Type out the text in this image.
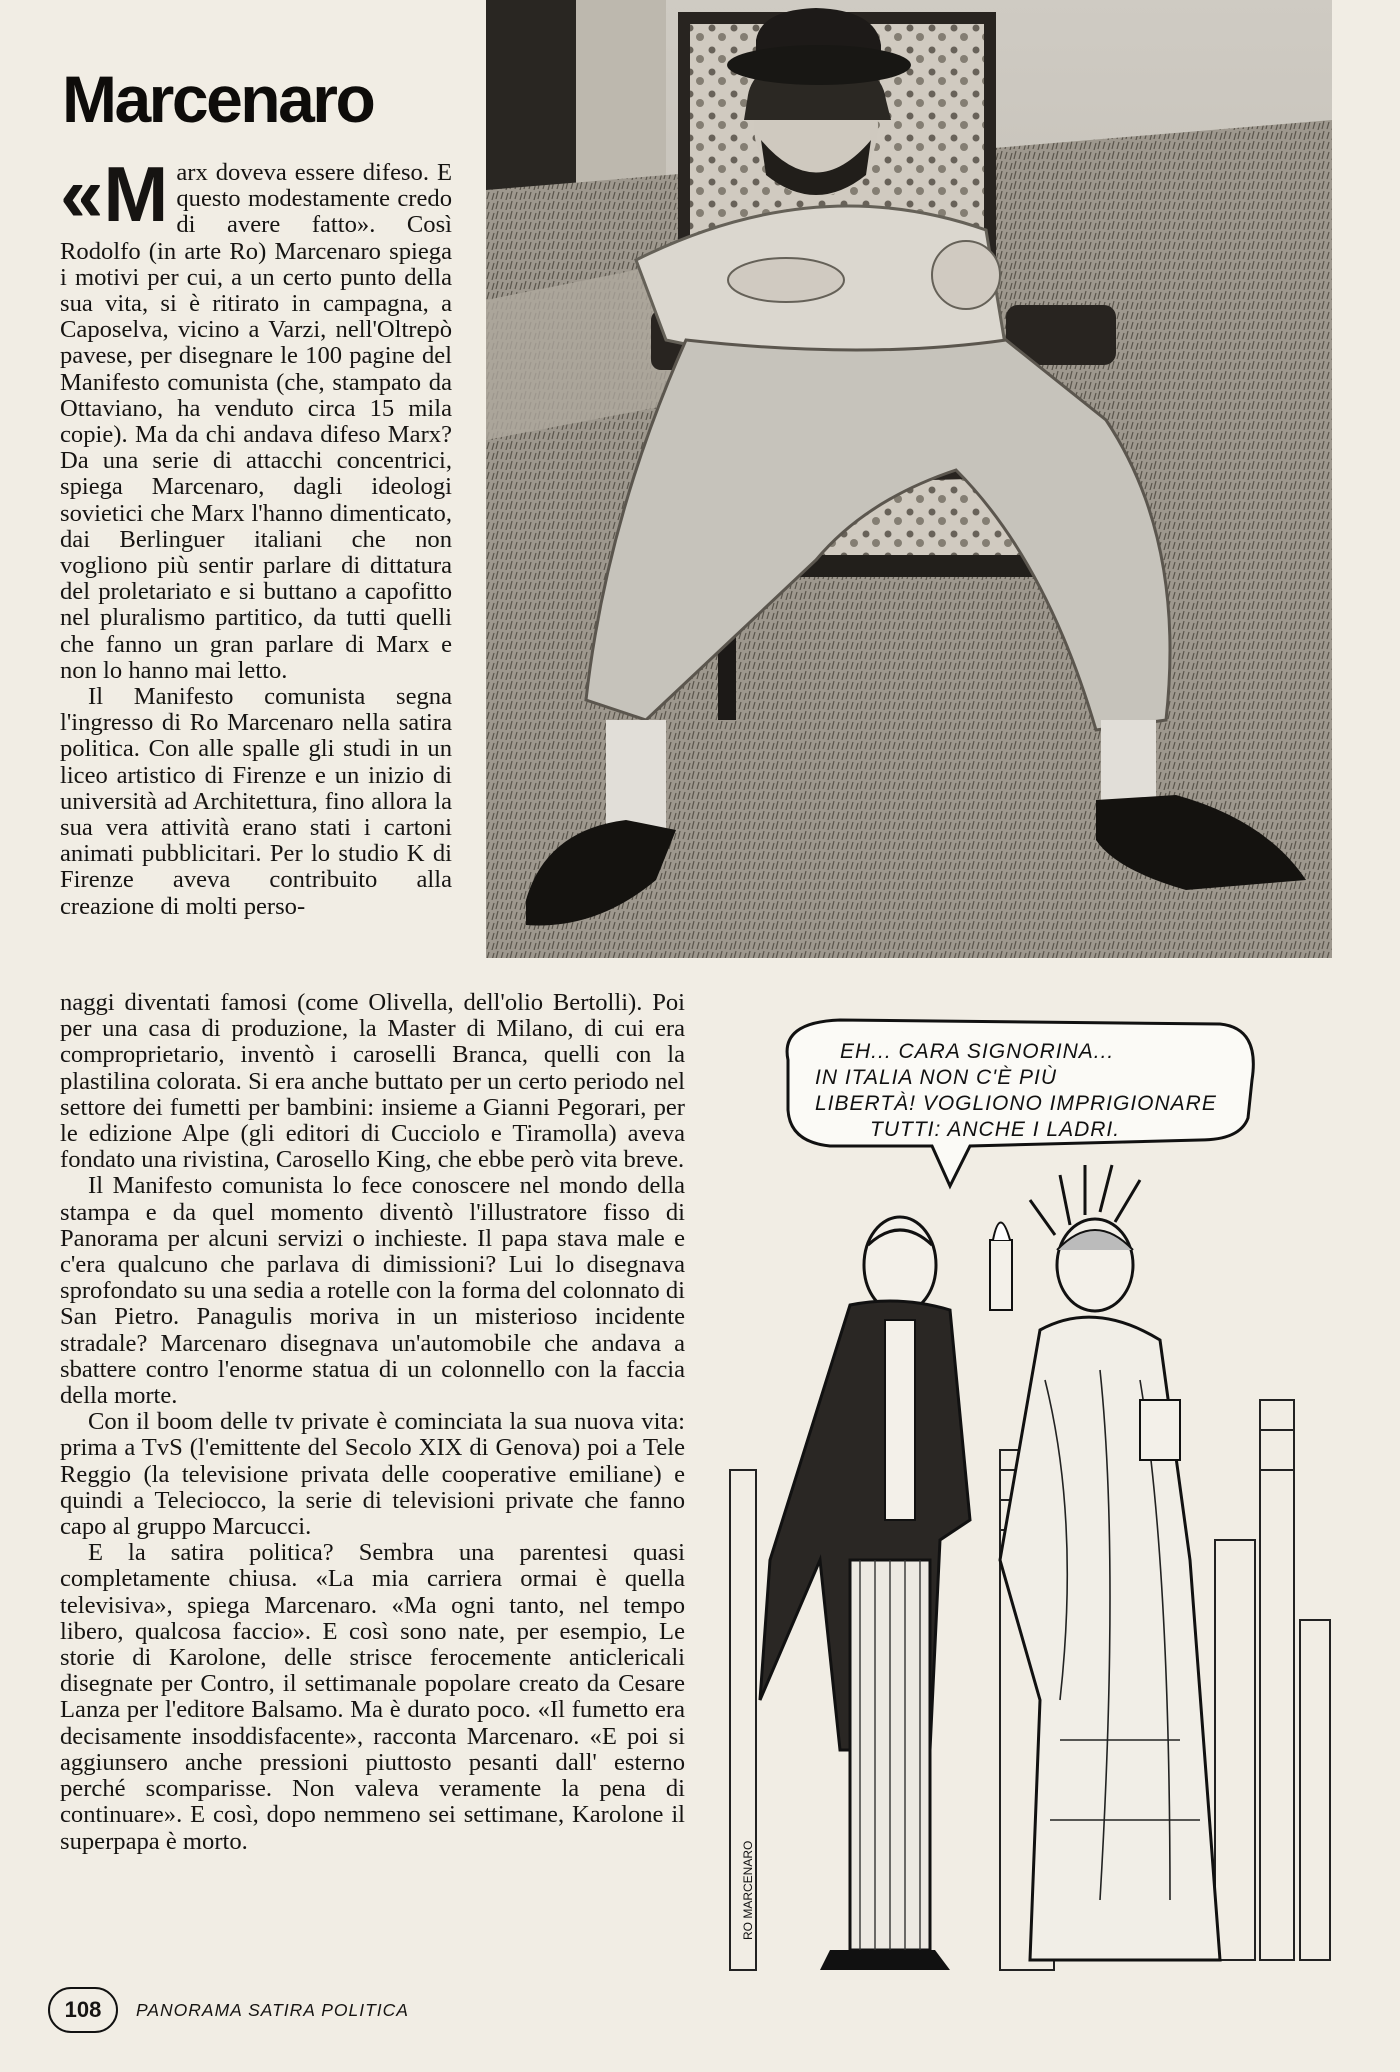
Marcenaro

«Marx doveva essere difeso. E questo modestamente credo di avere fatto». Così Rodolfo (in arte Ro) Marcenaro spiega i motivi per cui, a un certo punto della sua vita, si è ritirato in campagna, a Caposelva, vicino a Varzi, nell'Oltrepò pavese, per disegnare le 100 pagine del Manifesto comunista (che, stampato da Ottaviano, ha venduto circa 15 mila copie). Ma da chi andava difeso Marx? Da una serie di attacchi concentrici, spiega Marcenaro, dagli ideologi sovietici che Marx l'hanno dimenticato, dai Berlinguer italiani che non vogliono più sentir parlare di dittatura del proletariato e si buttano a capofitto nel pluralismo partitico, da tutti quelli che fanno un gran parlare di Marx e non lo hanno mai letto.

Il Manifesto comunista segna l'ingresso di Ro Marcenaro nella satira politica. Con alle spalle gli studi in un liceo artistico di Firenze e un inizio di università ad Architettura, fino allora la sua vera attività erano stati i cartoni animati pubblicitari. Per lo studio K di Firenze aveva contribuito alla creazione di molti perso-

naggi diventati famosi (come Olivella, dell'olio Bertolli). Poi per una casa di produzione, la Master di Milano, di cui era comproprietario, inventò i caroselli Branca, quelli con la plastilina colorata. Si era anche buttato per un certo periodo nel settore dei fumetti per bambini: insieme a Gianni Pegorari, per le edizione Alpe (gli editori di Cucciolo e Tiramolla) aveva fondato una rivistina, Carosello King, che ebbe però vita breve.

Il Manifesto comunista lo fece conoscere nel mondo della stampa e da quel momento diventò l'illustratore fisso di Panorama per alcuni servizi o inchieste. Il papa stava male e c'era qualcuno che parlava di dimissioni? Lui lo disegnava sprofondato su una sedia a rotelle con la forma del colonnato di San Pietro. Panagulis moriva in un misterioso incidente stradale? Marcenaro disegnava un'automobile che andava a sbattere contro l'enorme statua di un colonnello con la faccia della morte.

Con il boom delle tv private è cominciata la sua nuova vita: prima a TvS (l'emittente del Secolo XIX di Genova) poi a Tele Reggio (la televisione privata delle cooperative emiliane) e quindi a Teleciocco, la serie di televisioni private che fanno capo al gruppo Marcucci.

E la satira politica? Sembra una parentesi quasi completamente chiusa. «La mia carriera ormai è quella televisiva», spiega Marcenaro. «Ma ogni tanto, nel tempo libero, qualcosa faccio». E così sono nate, per esempio, Le storie di Karolone, delle strisce ferocemente anticlericali disegnate per Contro, il settimanale popolare creato da Cesare Lanza per l'editore Balsamo. Ma è durato poco. «Il fumetto era decisamente insoddisfacente», racconta Marcenaro. «E poi si aggiunsero anche pressioni piuttosto pesanti dall' esterno perché scomparisse. Non valeva veramente la pena di continuare». E così, dopo nemmeno sei settimane, Karolone il superpapa è morto.

EH... CARA SIGNORINA...
IN ITALIA NON C'È PIÙ
LIBERTÀ! VOGLIONO IMPRIGIONARE
TUTTI: ANCHE I LADRI.
RO MARCENARO
108	PANORAMA SATIRA POLITICA
